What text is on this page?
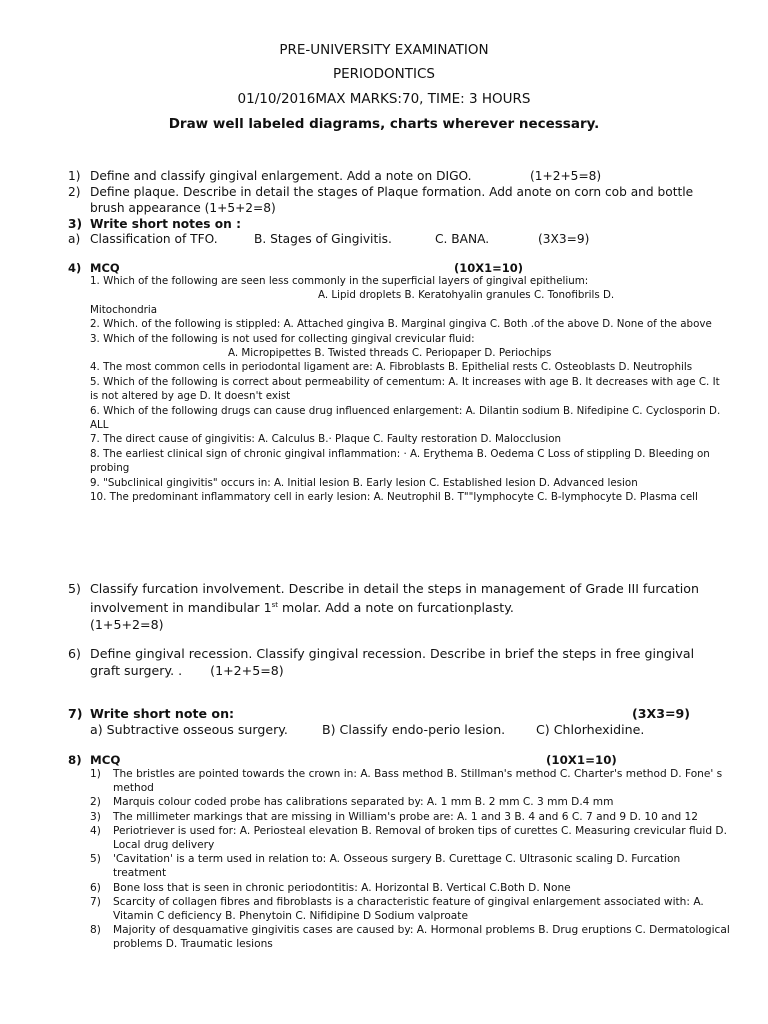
PRE-UNIVERSITY EXAMINATION
PERIODONTICS
01/10/2016MAX MARKS:70, TIME: 3 HOURS
Draw well labeled diagrams, charts wherever necessary.
1) Define and classify gingival enlargement. Add a note on DIGO.	(1+2+5=8)
2) Define plaque. Describe in detail the stages of Plaque formation. Add anote on corn cob and bottle brush appearance (1+5+2=8)
3) Write short notes on :
a) Classification of TFO.	B. Stages of Gingivitis.	C. BANA.	(3X3=9)
4) MCQ	(10X1=10)
1. Which of the following are seen less commonly in the superficial layers of gingival epithelium:
A. Lipid droplets B. Keratohyalin granules C. Tonofibrils D.
Mitochondria
2. Which. of the following is stippled: A. Attached gingiva B. Marginal gingiva C. Both .of the above D. None of the above
3. Which of the following is not used for collecting gingival crevicular fluid:
A. Micropipettes B. Twisted threads C. Periopaper D. Periochips
4. The most common cells in periodontal ligament are: A. Fibroblasts B. Epithelial rests C. Osteoblasts D. Neutrophils
5. Which of the following is correct about permeability of cementum: A. It increases with age B. It decreases with age C. It is not altered by age D. It doesn't exist
6. Which of the following drugs can cause drug influenced enlargement: A. Dilantin sodium B. Nifedipine C. Cyclosporin D. ALL
7. The direct cause of gingivitis: A. Calculus B.· Plaque C. Faulty restoration D. Malocclusion
8. The earliest clinical sign of chronic gingival inflammation: · A. Erythema B. Oedema C Loss of stippling D. Bleeding on probing
9. "Subclinical gingivitis" occurs in: A. Initial lesion B. Early lesion C. Established lesion D. Advanced lesion
10. The predominant inflammatory cell in early lesion: A. Neutrophil B. T""lymphocyte C. B-lymphocyte D. Plasma cell
5) Classify furcation involvement. Describe in detail the steps in management of Grade III furcation involvement in mandibular 1st molar. Add a note on furcationplasty.
(1+5+2=8)
6) Define gingival recession. Classify gingival recession. Describe in brief the steps in free gingival graft surgery. . (1+2+5=8)
7) Write short note on:	(3X3=9)
a) Subtractive osseous surgery.	B) Classify endo-perio lesion. C) Chlorhexidine.
8) MCQ	(10X1=10)
1) The bristles are pointed towards the crown in: A. Bass method B. Stillman's method C. Charter's method D. Fone' s method
2) Marquis colour coded probe has calibrations separated by: A. 1 mm B. 2 mm C. 3 mm D.4 mm
3) The millimeter markings that are missing in William's probe are: A. 1 and 3 B. 4 and 6 C. 7 and 9 D. 10 and 12
4) Periotriever is used for: A. Periosteal elevation B. Removal of broken tips of curettes C. Measuring crevicular fluid D. Local drug delivery
5) 'Cavitation' is a term used in relation to: A. Osseous surgery B. Curettage C. Ultrasonic scaling D. Furcation treatment
6) Bone loss that is seen in chronic periodontitis: A. Horizontal B. Vertical C.Both D. None
7) Scarcity of collagen fibres and fibroblasts is a characteristic feature of gingival enlargement associated with: A. Vitamin C deficiency B. Phenytoin C. Nifidipine D Sodium valproate
8) Majority of desquamative gingivitis cases are caused by: A. Hormonal problems B. Drug eruptions C. Dermatological problems D. Traumatic lesions
